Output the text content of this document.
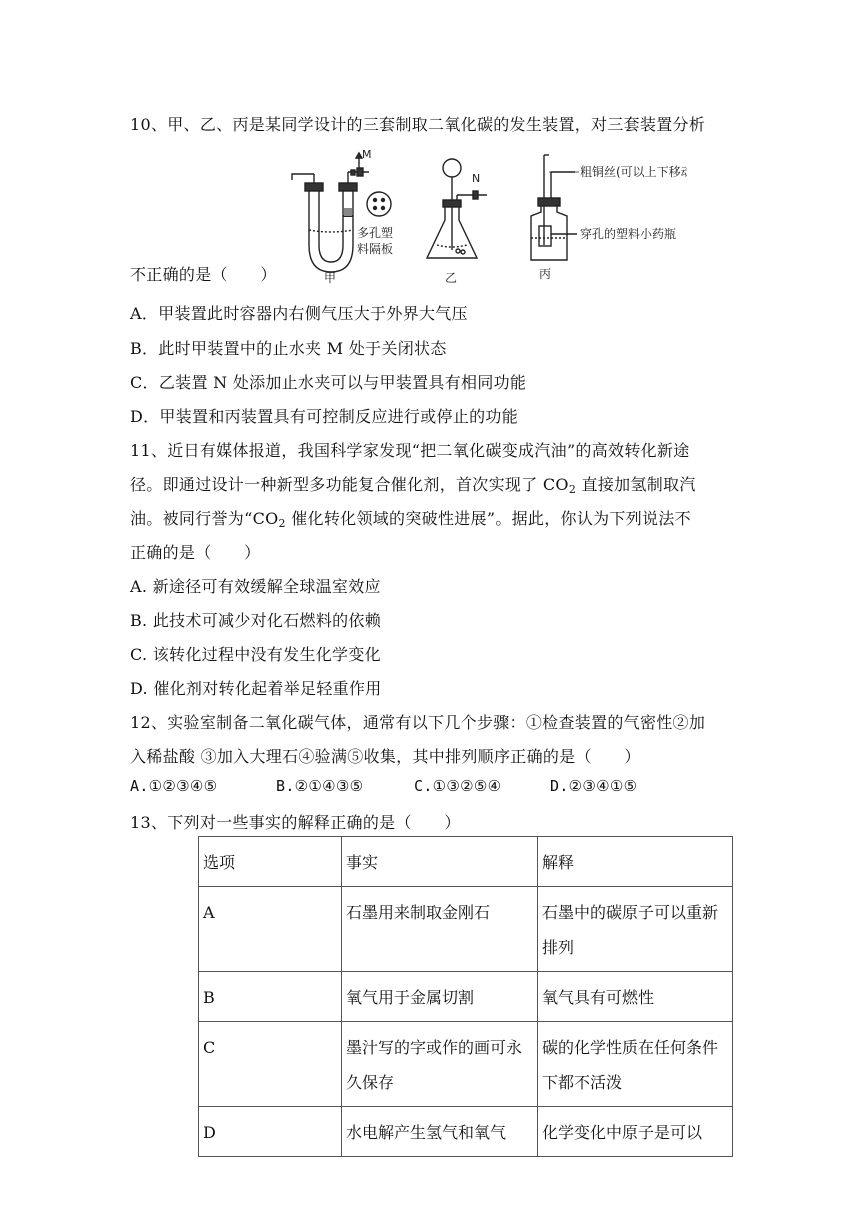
10、甲、乙、丙是某同学设计的三套制取二氧化碳的发生装置，对三套装置分析
M
多孔塑
料隔板
甲
N
乙
粗铜丝(可以上下移动)
穿孔的塑料小药瓶
丙
不正确的是（　　）
A．甲装置此时容器内右侧气压大于外界大气压
B．此时甲装置中的止水夹 M 处于关闭状态
C．乙装置 N 处添加止水夹可以与甲装置具有相同功能
D．甲装置和丙装置具有可控制反应进行或停止的功能
11、近日有媒体报道，我国科学家发现“把二氧化碳变成汽油”的高效转化新途
径。即通过设计一种新型多功能复合催化剂，首次实现了 $CO_2$ 直接加氢制取汽
油。被同行誉为“$CO_2$ 催化转化领域的突破性进展”。据此，你认为下列说法不
正确的是（　　）
A. 新途径可有效缓解全球温室效应
B. 此技术可减少对化石燃料的依赖
C. 该转化过程中没有发生化学变化
D. 催化剂对转化起着举足轻重作用
12、实验室制备二氧化碳气体，通常有以下几个步骤：①检查装置的气密性②加
入稀盐酸 ③加入大理石④验满⑤收集，其中排列顺序正确的是（　　）
A.①②③④⑤	B.②①④③⑤	C.①③②⑤④	D.②③④①⑤
13、下列对一些事实的解释正确的是（　　）
选项	事实	解释
A	石墨用来制取金刚石	石墨中的碳原子可以重新排列
B	氧气用于金属切割	氧气具有可燃性
C	墨汁写的字或作的画可永久保存	碳的化学性质在任何条件下都不活泼
D	水电解产生氢气和氧气	化学变化中原子是可以
